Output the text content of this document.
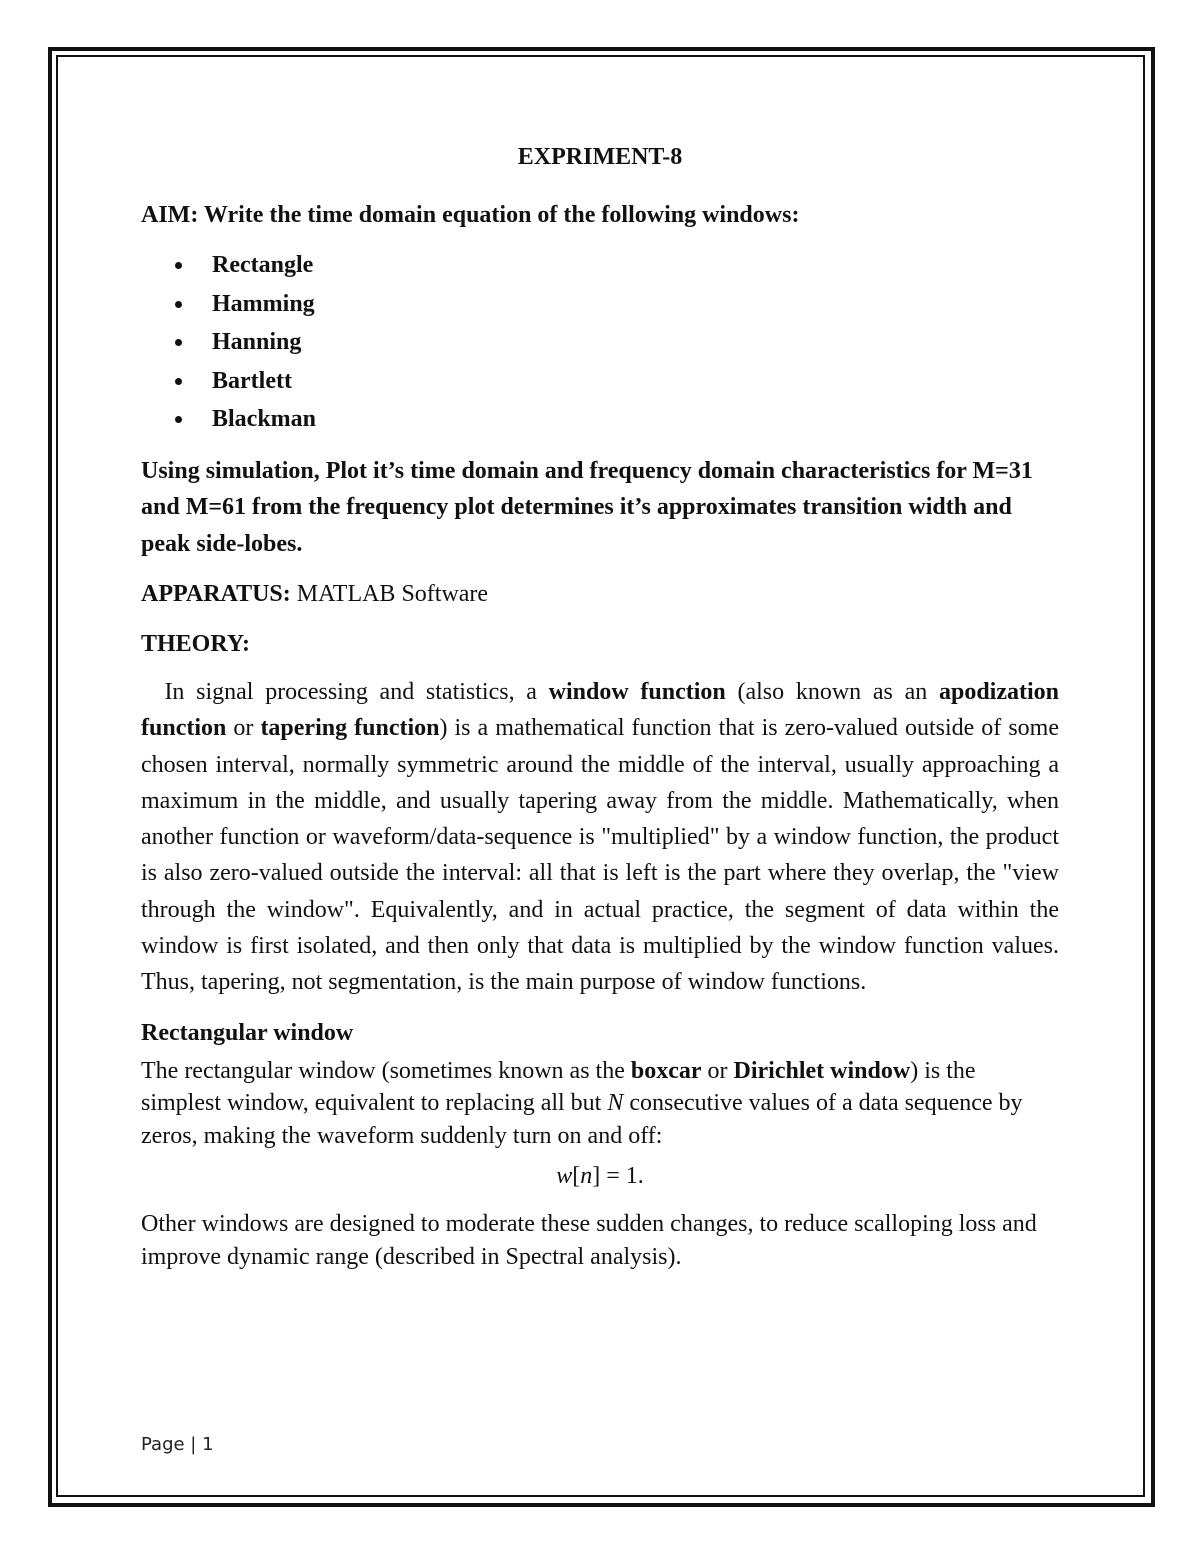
EXPRIMENT-8
AIM: Write the time domain equation of the following windows:
Rectangle
Hamming
Hanning
Bartlett
Blackman
Using simulation, Plot it’s time domain and frequency domain characteristics for M=31 and M=61 from the frequency plot determines it’s approximates transition width and peak side-lobes.
APPARATUS: MATLAB Software
THEORY:
In signal processing and statistics, a window function (also known as an apodization function or tapering function) is a mathematical function that is zero-valued outside of some chosen interval, normally symmetric around the middle of the interval, usually approaching a maximum in the middle, and usually tapering away from the middle. Mathematically, when another function or waveform/data-sequence is "multiplied" by a window function, the product is also zero-valued outside the interval: all that is left is the part where they overlap, the "view through the window". Equivalently, and in actual practice, the segment of data within the window is first isolated, and then only that data is multiplied by the window function values. Thus, tapering, not segmentation, is the main purpose of window functions.
Rectangular window
The rectangular window (sometimes known as the boxcar or Dirichlet window) is the simplest window, equivalent to replacing all but N consecutive values of a data sequence by zeros, making the waveform suddenly turn on and off:
w[n] = 1.
Other windows are designed to moderate these sudden changes, to reduce scalloping loss and improve dynamic range (described in Spectral analysis).
Page | 1
